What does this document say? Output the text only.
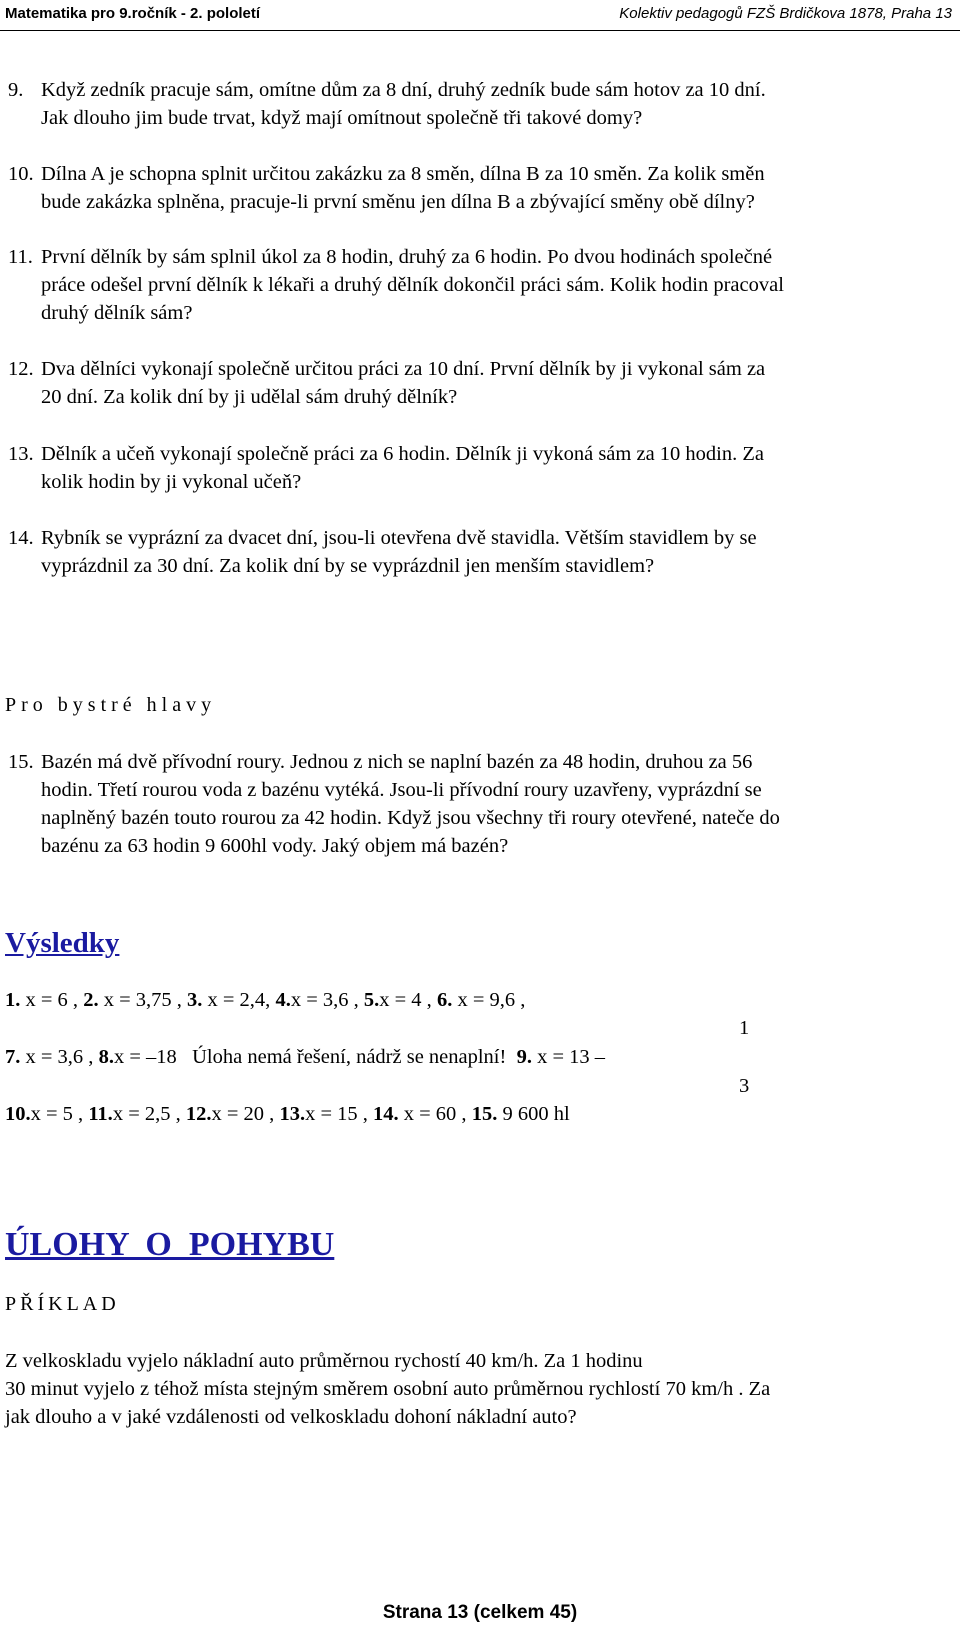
Matematika pro 9.ročník - 2. pololetí	Kolektiv pedagogů FZŠ Brdičkova 1878, Praha 13
9. Když zedník pracuje sám, omítne dům za 8 dní, druhý zedník bude sám hotov za 10 dní.
Jak dlouho jim bude trvat, když mají omítnout společně tři takové domy?
10. Dílna A je schopna splnit určitou zakázku za 8 směn, dílna B za 10 směn. Za kolik směn
bude zakázka splněna, pracuje-li první směnu jen dílna B a zbývající směny obě dílny?
11. První dělník by sám splnil úkol za 8 hodin, druhý za 6 hodin. Po dvou hodinách společné
práce odešel první dělník k lékaři a druhý dělník dokončil práci sám. Kolik hodin pracoval
druhý dělník sám?
12. Dva dělníci vykonají společně určitou práci za 10 dní. První dělník by ji vykonal sám za
20 dní. Za kolik dní by ji udělal sám druhý dělník?
13. Dělník a učeň vykonají společně práci za 6 hodin. Dělník ji vykoná sám za 10 hodin. Za
kolik hodin by ji vykonal učeň?
14. Rybník se vyprázní za dvacet dní, jsou-li otevřena dvě stavidla. Větším stavidlem by se
vyprázdnil za 30 dní. Za kolik dní by se vyprázdnil jen menším stavidlem?
Pro bystré hlavy
15. Bazén má dvě přívodní roury. Jednou z nich se naplní bazén za 48 hodin, druhou za 56
hodin. Třetí rourou voda z bazénu vytéká. Jsou-li přívodní roury uzavřeny, vyprázdní se
naplněný bazén touto rourou za 42 hodin. Když jsou všechny tři roury otevřené, nateče do
bazénu za 63 hodin 9 600hl vody. Jaký objem má bazén?
Výsledky
1. x = 6 , 2. x = 3,75 , 3. x = 2,4, 4.x = 3,6 , 5.x = 4 , 6. x = 9,6 ,
1
7. x = 3,6 , 8.x = –18   Úloha nemá řešení, nádrž se nenaplní! 9. x = 13 –
3
10.x = 5 , 11.x = 2,5 , 12.x = 20 , 13.x = 15 , 14. x = 60 , 15. 9 600 hl
ÚLOHY  O  POHYBU
PŘÍKLAD
Z velkoskladu vyjelo nákladní auto průměrnou rychostí 40 km/h. Za 1 hodinu
30 minut vyjelo z téhož místa stejným směrem osobní auto průměrnou rychlostí 70 km/h . Za
jak dlouho a v jaké vzdálenosti od velkoskladu dohoní nákladní auto?
Strana 13 (celkem 45)
